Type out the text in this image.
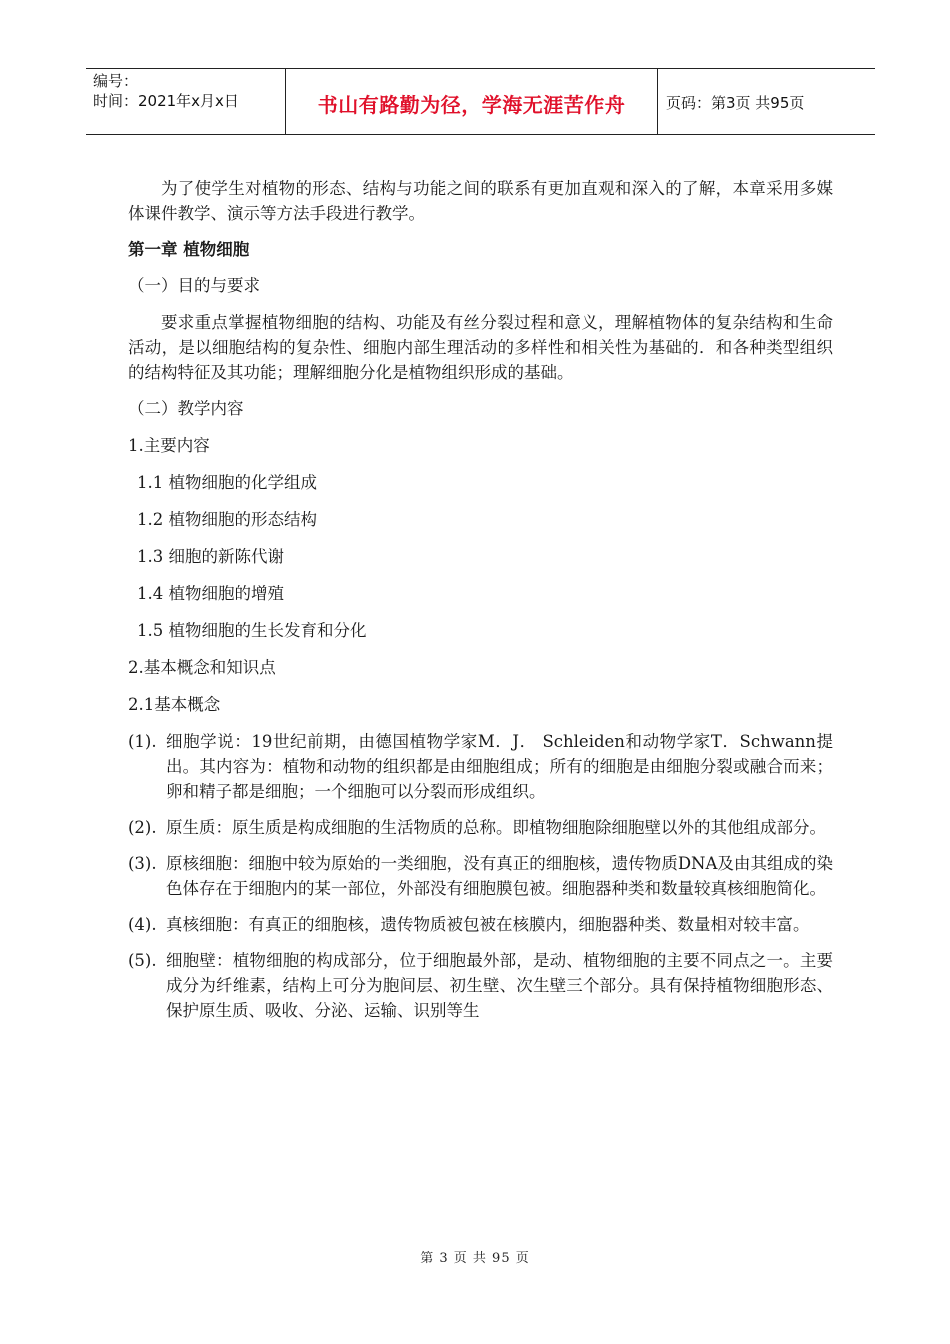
编号：
时间：2021年x月x日	书山有路勤为径，学海无涯苦作舟	页码：第3页 共95页

为了使学生对植物的形态、结构与功能之间的联系有更加直观和深入的了解，本章采用多媒体课件教学、演示等方法手段进行教学。

第一章 植物细胞
（一）目的与要求

要求重点掌握植物细胞的结构、功能及有丝分裂过程和意义，理解植物体的复杂结构和生命活动，是以细胞结构的复杂性、细胞内部生理活动的多样性和相关性为基础的．和各种类型组织的结构特征及其功能；理解细胞分化是植物组织形成的基础。

（二）教学内容
1.主要内容
1.1 植物细胞的化学组成
1.2 植物细胞的形态结构
1.3 细胞的新陈代谢
1.4 植物细胞的增殖
1.5 植物细胞的生长发育和分化
2.基本概念和知识点
2.1基本概念
(1). 细胞学说：19世纪前期，由德国植物学家M．J． Schleiden和动物学家T．Schwann提出。其内容为：植物和动物的组织都是由细胞组成；所有的细胞是由细胞分裂或融合而来；卵和精子都是细胞；一个细胞可以分裂而形成组织。
(2). 原生质：原生质是构成细胞的生活物质的总称。即植物细胞除细胞壁以外的其他组成部分。
(3). 原核细胞：细胞中较为原始的一类细胞，没有真正的细胞核，遗传物质DNA及由其组成的染色体存在于细胞内的某一部位，外部没有细胞膜包被。细胞器种类和数量较真核细胞简化。
(4). 真核细胞：有真正的细胞核，遗传物质被包被在核膜内，细胞器种类、数量相对较丰富。
(5). 细胞壁：植物细胞的构成部分，位于细胞最外部，是动、植物细胞的主要不同点之一。主要成分为纤维素，结构上可分为胞间层、初生壁、次生壁三个部分。具有保持植物细胞形态、保护原生质、吸收、分泌、运输、识别等生
第 3 页 共 95 页
